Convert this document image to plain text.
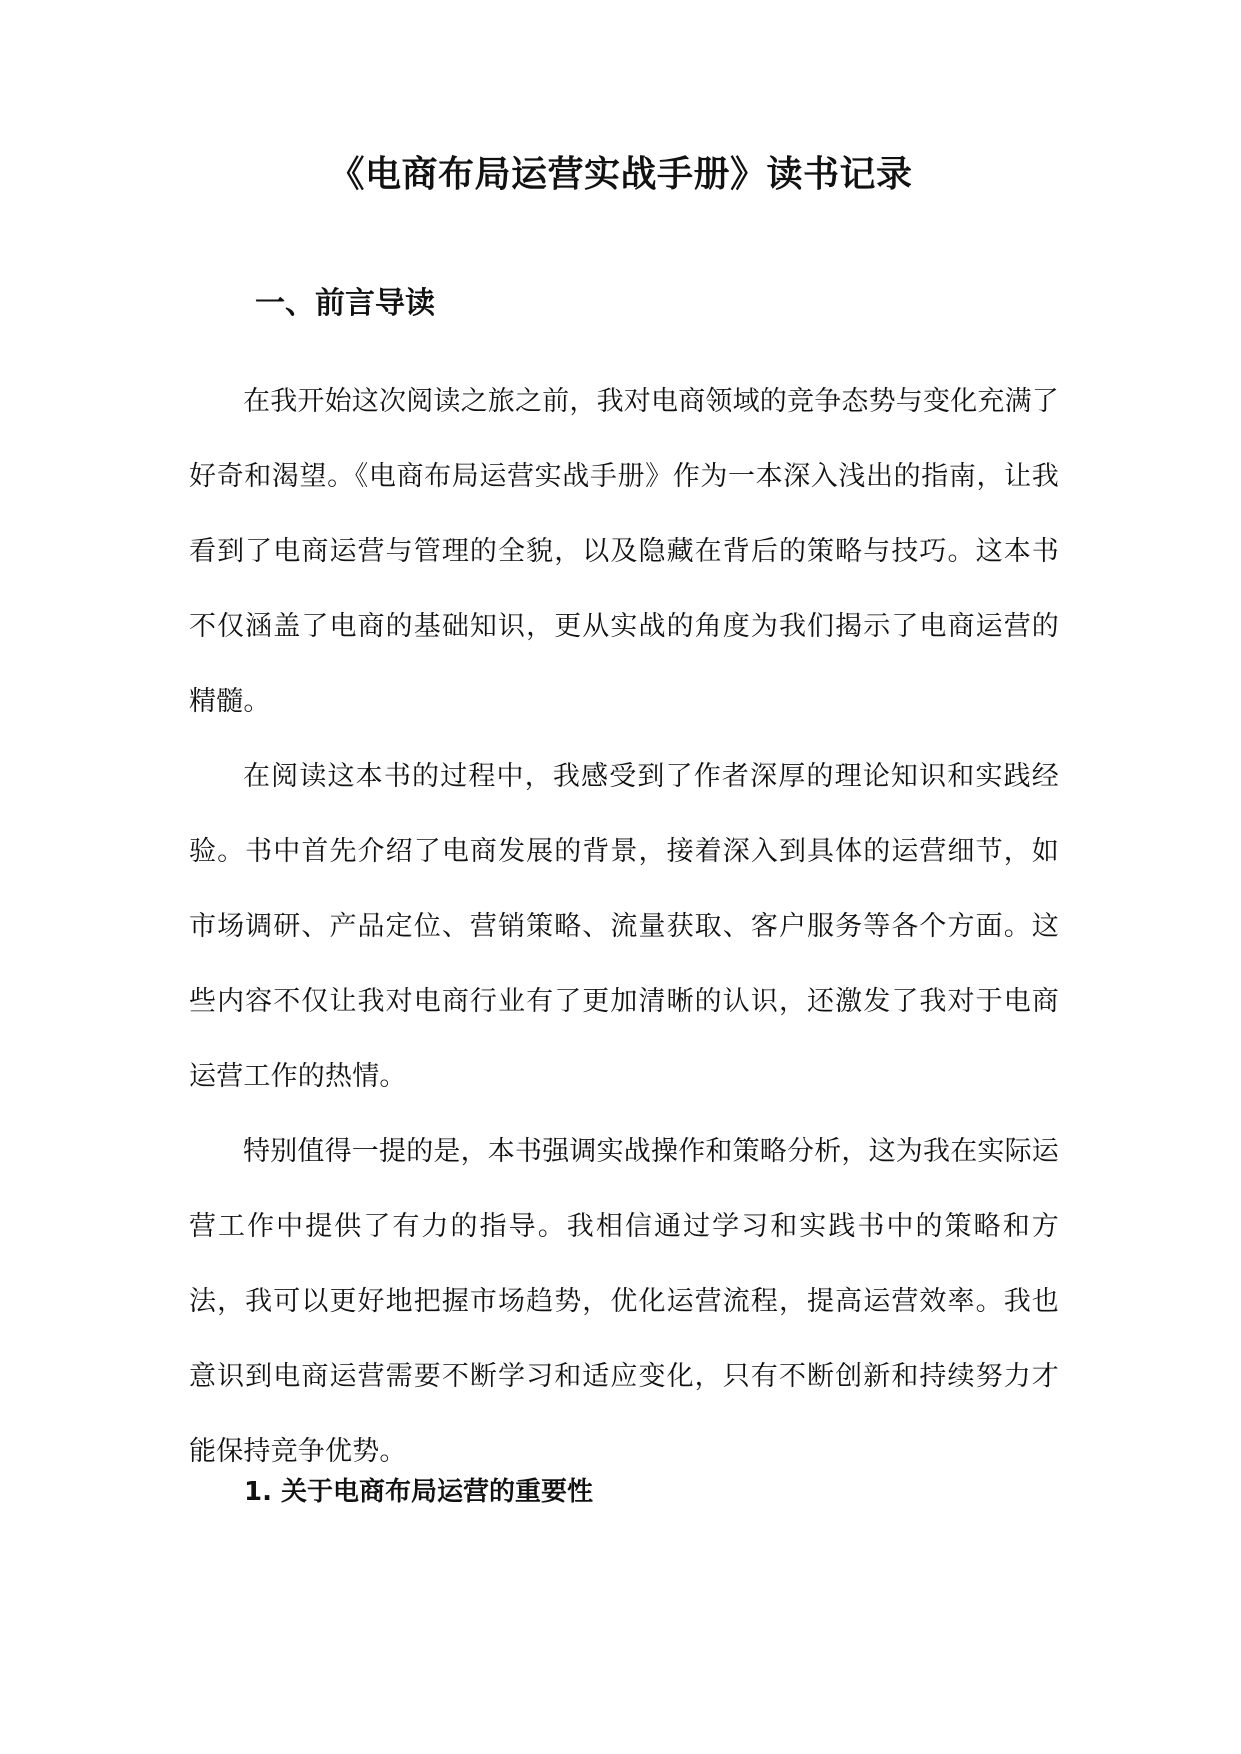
《电商布局运营实战手册》读书记录
一、前言导读

在我开始这次阅读之旅之前，我对电商领域的竞争态势与变化充满了好奇和渴望。《电商布局运营实战手册》作为一本深入浅出的指南，让我看到了电商运营与管理的全貌，以及隐藏在背后的策略与技巧。这本书不仅涵盖了电商的基础知识，更从实战的角度为我们揭示了电商运营的精髓。

在阅读这本书的过程中，我感受到了作者深厚的理论知识和实践经验。书中首先介绍了电商发展的背景，接着深入到具体的运营细节，如市场调研、产品定位、营销策略、流量获取、客户服务等各个方面。这些内容不仅让我对电商行业有了更加清晰的认识，还激发了我对于电商运营工作的热情。

特别值得一提的是，本书强调实战操作和策略分析，这为我在实际运营工作中提供了有力的指导。我相信通过学习和实践书中的策略和方法，我可以更好地把握市场趋势，优化运营流程，提高运营效率。我也意识到电商运营需要不断学习和适应变化，只有不断创新和持续努力才能保持竞争优势。

1. 关于电商布局运营的重要性
